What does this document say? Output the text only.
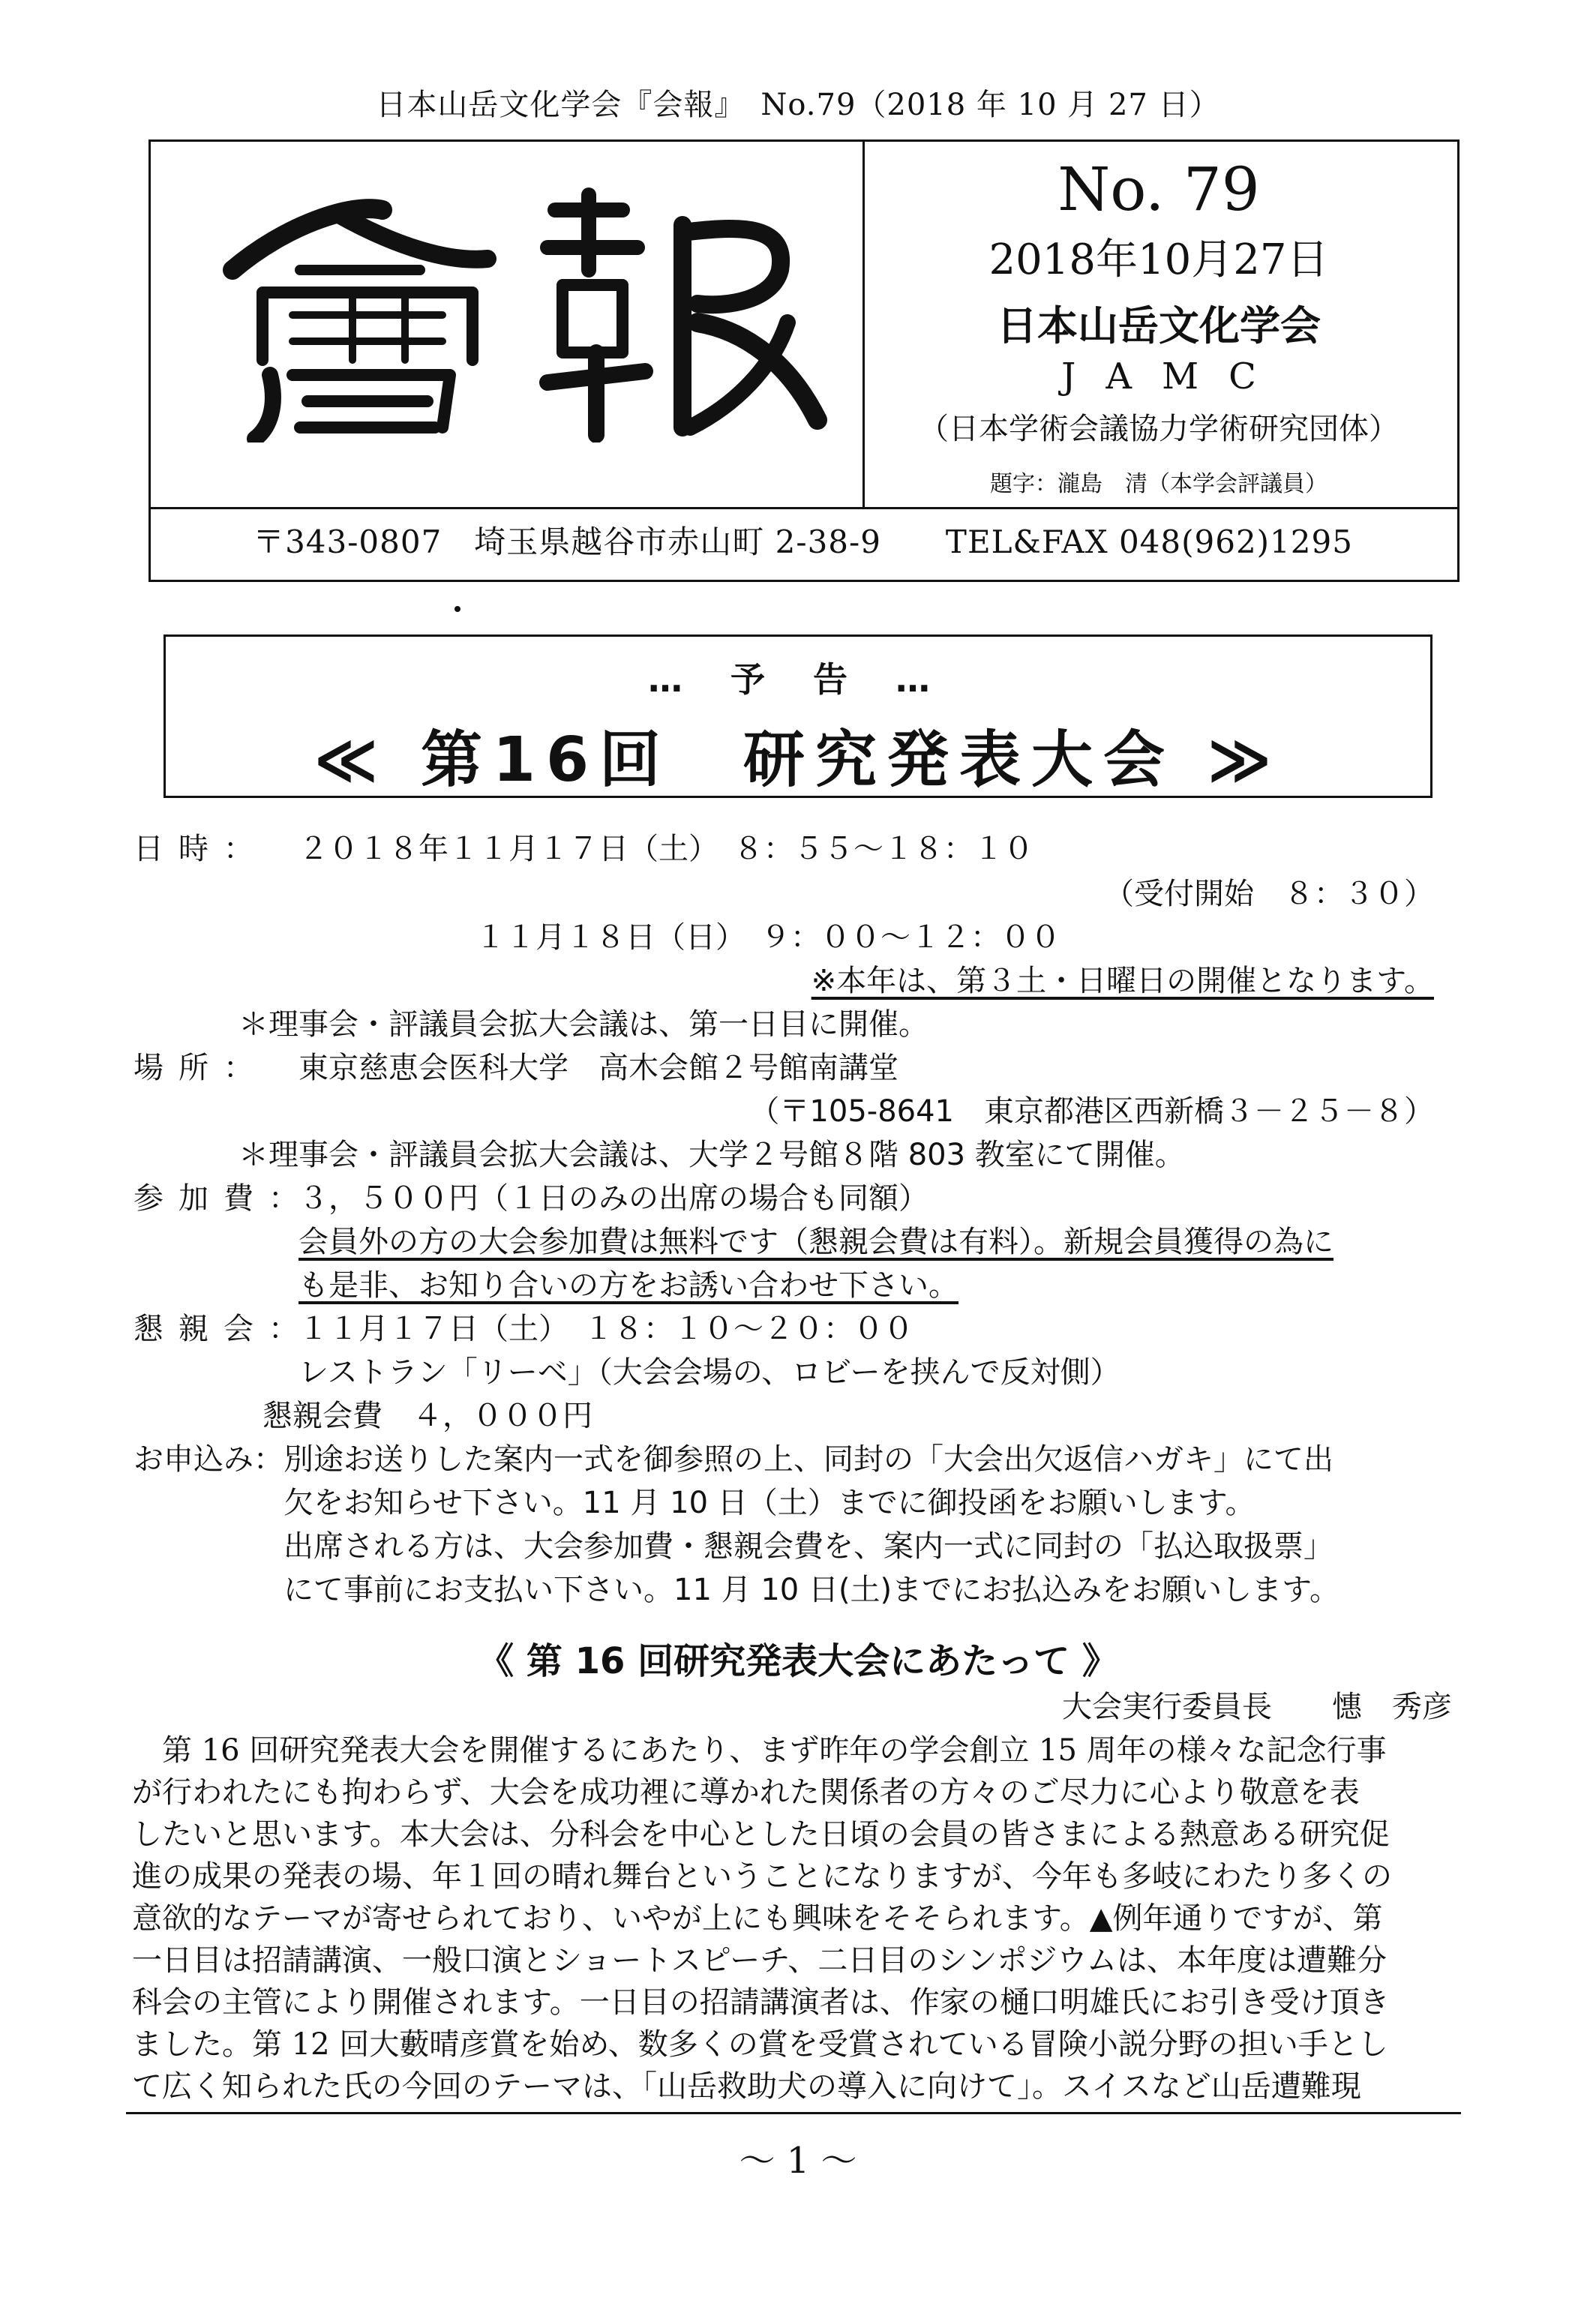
日本山岳文化学会『会報』　No.79（2018 年 10 月 27 日）
No. 79
2018年10月27日
日本山岳文化学会
JAMC
（日本学術会議協力学術研究団体）
題字：瀧島　清（本学会評議員）
〒343-0807　埼玉県越谷市赤山町 2-38-9　　TEL&FAX 048(962)1295
… 予 告 …
≪ 第16回　研究発表大会 ≫
日時：	２０１８年１１月１７日（土）　８：５５〜１８：１０
（受付開始　８：３０）
１１月１８日（日）　９：００〜１２：００
※本年は、第３土・日曜日の開催となります。
＊理事会・評議員会拡大会議は、第一日目に開催。
場所：	東京慈恵会医科大学　高木会館２号館南講堂
（〒105-8641　東京都港区西新橋３－２５－８）
＊理事会・評議員会拡大会議は、大学２号館８階 803 教室にて開催。
参加費：
３，５００円（１日のみの出席の場合も同額）
会員外の方の大会参加費は無料です（懇親会費は有料）。新規会員獲得の為に
も是非、お知り合いの方をお誘い合わせ下さい。
懇親会：
１１月１７日（土）　１８：１０〜２０：００
レストラン「リーベ」（大会会場の、ロビーを挟んで反対側）
懇親会費　４，０００円
お申込み： 別途お送りした案内一式を御参照の上、同封の「大会出欠返信ハガキ」にて出
欠をお知らせ下さい。11 月 10 日（土）までに御投函をお願いします。
出席される方は、大会参加費・懇親会費を、案内一式に同封の「払込取扱票」
にて事前にお支払い下さい。11 月 10 日(土)までにお払込みをお願いします。
《 第 16 回研究発表大会にあたって 》
大会実行委員長　　憓　秀彦
　第 16 回研究発表大会を開催するにあたり、まず昨年の学会創立 15 周年の様々な記念行事
が行われたにも拘わらず、大会を成功裡に導かれた関係者の方々のご尽力に心より敬意を表
したいと思います。本大会は、分科会を中心とした日頃の会員の皆さまによる熱意ある研究促
進の成果の発表の場、年１回の晴れ舞台ということになりますが、今年も多岐にわたり多くの
意欲的なテーマが寄せられており、いやが上にも興味をそそられます。▲例年通りですが、第
一日目は招請講演、一般口演とショートスピーチ、二日目のシンポジウムは、本年度は遭難分
科会の主管により開催されます。一日目の招請講演者は、作家の樋口明雄氏にお引き受け頂き
ました。第 12 回大藪晴彦賞を始め、数多くの賞を受賞されている冒険小説分野の担い手とし
て広く知られた氏の今回のテーマは、「山岳救助犬の導入に向けて」。スイスなど山岳遭難現
〜 1 〜
